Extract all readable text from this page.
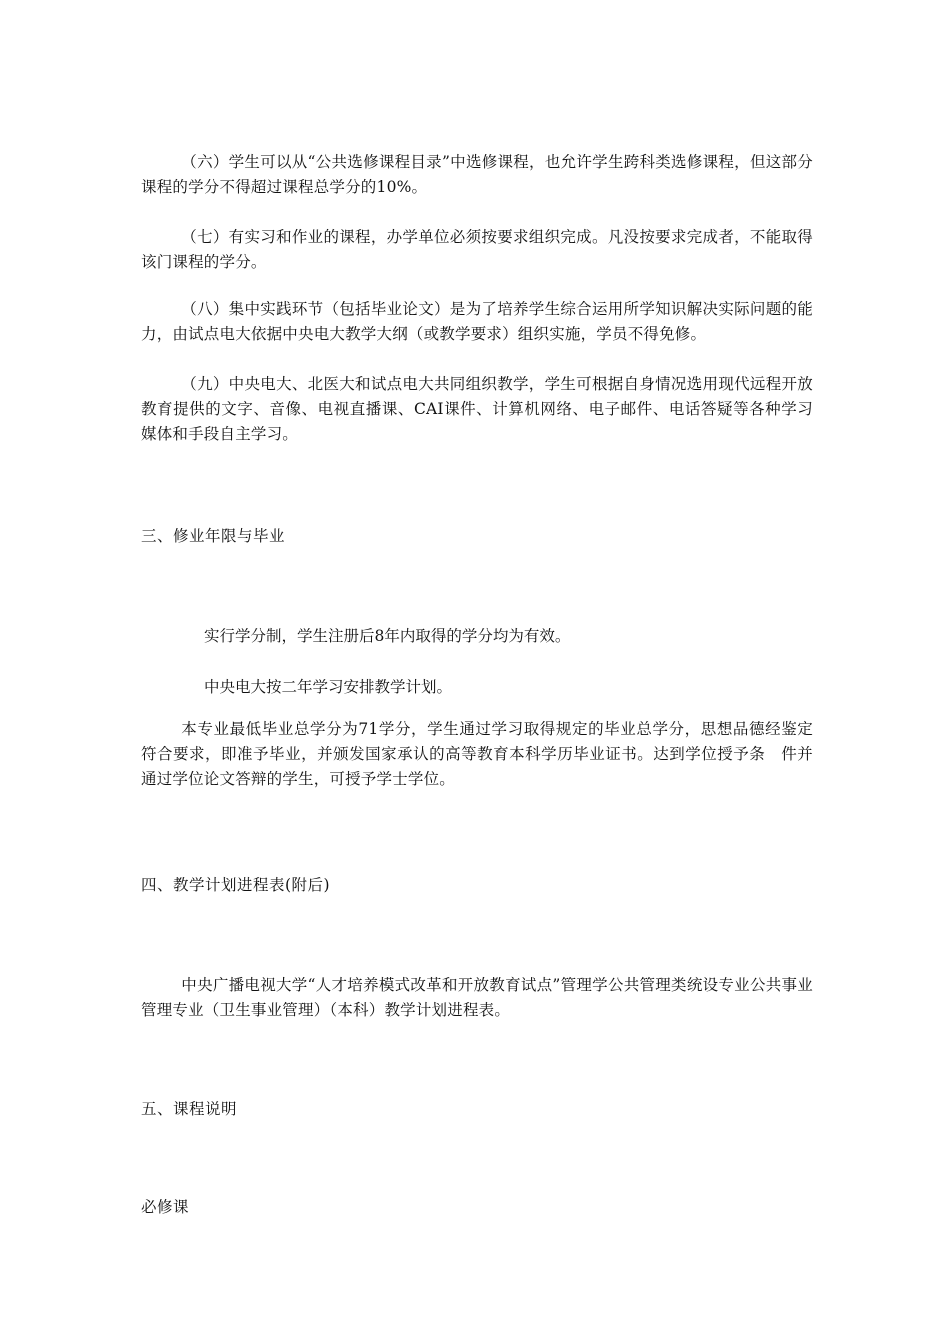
（六）学生可以从“公共选修课程目录”中选修课程，也允许学生跨科类选修课程，但这部分课程的学分不得超过课程总学分的10%。

（七）有实习和作业的课程，办学单位必须按要求组织完成。凡没按要求完成者，不能取得该门课程的学分。

（八）集中实践环节（包括毕业论文）是为了培养学生综合运用所学知识解决实际问题的能力，由试点电大依据中央电大教学大纲（或教学要求）组织实施，学员不得免修。

（九）中央电大、北医大和试点电大共同组织教学，学生可根据自身情况选用现代远程开放教育提供的文字、音像、电视直播课、CAI课件、计算机网络、电子邮件、电话答疑等各种学习媒体和手段自主学习。

三、修业年限与毕业

实行学分制，学生注册后8年内取得的学分均为有效。

中央电大按二年学习安排教学计划。

本专业最低毕业总学分为71学分，学生通过学习取得规定的毕业总学分，思想品德经鉴定符合要求，即准予毕业，并颁发国家承认的高等教育本科学历毕业证书。达到学位授予条　件并通过学位论文答辩的学生，可授予学士学位。

四、教学计划进程表(附后)

中央广播电视大学“人才培养模式改革和开放教育试点”管理学公共管理类统设专业公共事业管理专业（卫生事业管理）（本科）教学计划进程表。

五、课程说明

必修课
